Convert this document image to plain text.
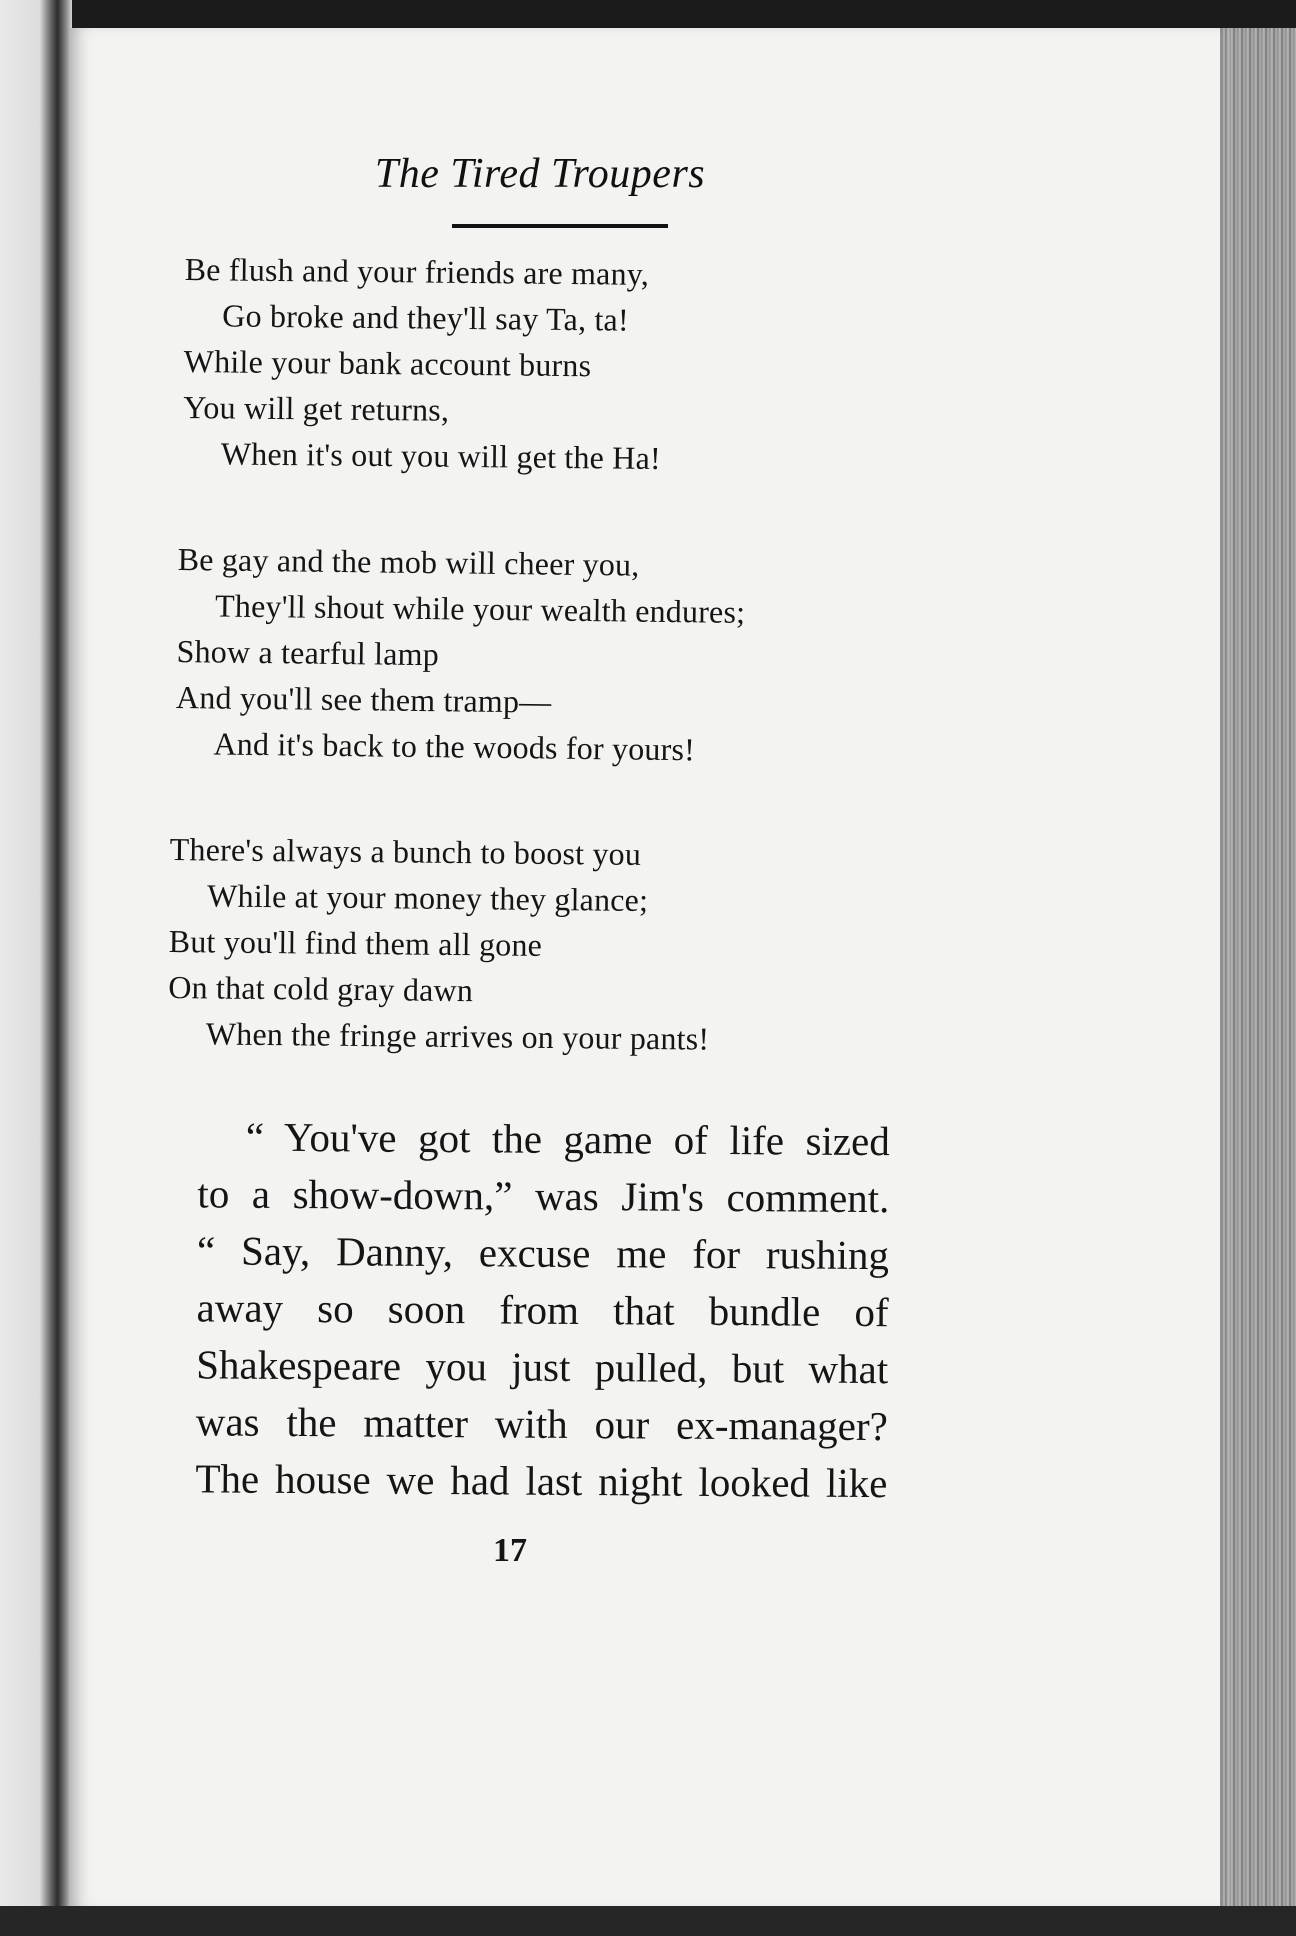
The Tired Troupers
Be flush and your friends are many,
Go broke and they'll say Ta, ta!
While your bank account burns
You will get returns,
When it's out you will get the Ha!
Be gay and the mob will cheer you,
They'll shout while your wealth endures;
Show a tearful lamp
And you'll see them tramp—
And it's back to the woods for yours!
There's always a bunch to boost you
While at your money they glance;
But you'll find them all gone
On that cold gray dawn
When the fringe arrives on your pants!
“ You've got the game of life sized
to a show-down,” was Jim's comment.
“ Say, Danny, excuse me for rushing
away so soon from that bundle of
Shakespeare you just pulled, but what
was the matter with our ex-manager?
The house we had last night looked like
17
